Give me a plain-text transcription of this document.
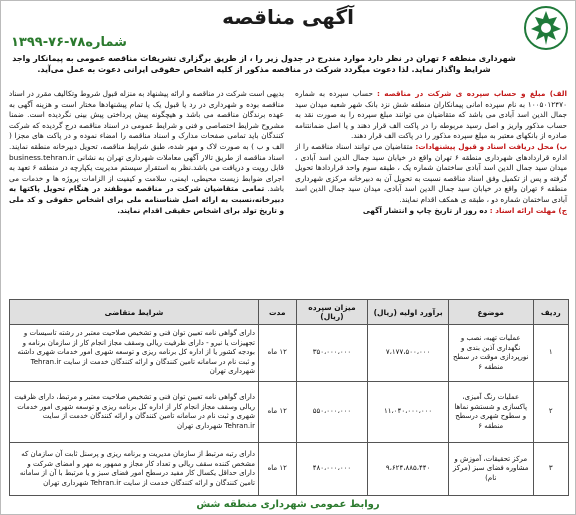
آگهی مناقصه
شماره۷۸-۷۶-۱۳۹۹
شهرداری منطقه ۶ تهران در نظر دارد موارد مندرج در جدول زیر را ، از طریق برگزاری تشریفات مناقصه عمومی به پیمانکار واجد شرایط واگذار نماید. لذا دعوت میگردد شرکت در مناقصه مذکور از کلیه اشخاص حقوقی ایرانی دعوت به عمل می‌آید.
الف) مبلغ و حساب سپرده ی شرکت در مناقصه : حساب سپرده به شماره ۱۰۰۵۰۱۲۴۷۰ به نام سپرده امانی پیمانکاران منطقه شش نزد بانک شهر شعبه میدان سید جمال الدین اسد آبادی می باشد که متقاضیان می توانند مبلغ سپرده را به صورت نقد به حساب مذکور واریز و اصل رسید مربوطه را در پاکت الف قرار دهند و یا اصل ضمانتنامه صادره از بانکهای معتبر به مبلغ سپرده مذکور را در پاکت الف قرار دهند.
ب) محل دریافت اسناد و قبول پیشنهادات: متقاضیان می توانند اسناد مناقصه را از اداره قراردادهای شهرداری منطقه ۶ تهران واقع در خیابان سید جمال الدین اسد آبادی ، میدان سید جمال الدین اسد آبادی ساختمان شماره یک ، طبقه سوم واحد قراردادها تحویل گرفته و پس از تکمیل وفق اسناد مناقصه نسبت به تحویل آن به دبیرخانه مرکزی شهرداری منطقه ۶ تهران واقع در خیابان سید جمال الدین اسد آبادی، میدان سید جمال الدین اسد آبادی ساختمان شماره دو ، طبقه ی همکف اقدام نمایند.
ج) مهلت ارائه اسناد : ده روز از تاریخ چاپ و انتشار آگهی
بدیهی است شرکت در مناقصه و ارائه پیشنهاد به منزله قبول شروط وتکالیف مقرر در اسناد مناقصه بوده و شهرداری در رد یا قبول یک یا تمام پیشنهادها مختار است و هزینه آگهی به عهده برندگان مناقصه می باشد و هیچگونه پیش پرداختی پیش بینی نگردیده است. ضمنا مشروح شرایط اختصاصی و فنی و شرایط عمومی در اسناد مناقصه درج گردیده که شرکت کنندگان باید تمامی صفحات مدارک و اسناد مناقصه را امضاء نموده و در پاکت های مجزا ( الف و ب ) به صورت لاک و مهر شده، طبق شرایط مناقصه، تحویل دبیرخانه منطقه نمایند. اسناد مناقصه از طریق تالار آگهی معاملات شهرداری تهران به نشانی business.tehran.ir قابل رویت و دریافت می باشد.نظر به استقرار سیستم مدیریت یکپارچه در منطقه ۶ تعهد به اجرای ضوابط زیست محیطی، ایمنی، سلامت و کیفیت از الزامات پروژه ها و خدمات می باشد. تمامی متقاضیان شرکت در مناقصه موظفند در هنگام تحویل پاکتها به دبیرخانه،نسبت به ارائه اصل شناسنامه ملی برای اشخاص حقوقی و کد ملی و تاریخ تولد برای اشخاص حقیقی اقدام نمایند.
ردیف	موضوع	برآورد اولیه (ریال)	میزان سپرده (ریال)	مدت	شرایط متقاضی
۱	عملیات تهیه، نصب و نگهداری آذین بندی و نورپردازی موقت در سطح منطقه ۶	۷،۱۷۷،۵۰۰،۰۰۰	۳۵۰،۰۰۰،۰۰۰	۱۲ ماه	دارای گواهی نامه تعیین توان فنی و تشخیص صلاحیت معتبر در رشته تاسیسات و تجهیزات یا نیرو - دارای ظرفیت ریالی وسقف مجاز انجام کار از سازمان برنامه و بودجه کشور یا از اداره کل برنامه ریزی و توسعه شهری امور خدمات شهری داشته و ثبت نام در سامانه تامین کنندگان و ارائه کنندگان خدمت از سایت Tehran.ir شهرداری تهران
۲	عملیات رنگ آمیزی، پاکسازی و شستشو نماها و سطوح شهری درسطح منطقه ۶	۱۱،۰۴۰،۰۰۰،۰۰۰	۵۵۰،۰۰۰،۰۰۰	۱۲ ماه	دارای گواهی نامه تعیین توان فنی و تشخیص صلاحیت معتبر و مرتبط، دارای ظرفیت ریالی وسقف مجاز انجام کار از اداره کل برنامه ریزی و توسعه شهری امور خدمات شهری و ثبت نام در سامانه تامین کنندگان و ارائه کنندگان خدمت از سایت Tehran.ir شهرداری تهران
۳	مرکز تحقیقات، آموزش و مشاوره فضای سبز (مرکز نام)	۹،۶۲۴،۸۸۵،۴۴۰	۴۸۰،۰۰۰،۰۰۰	۱۲ ماه	دارای رتبه مرتبط از سازمان مدیریت و برنامه ریزی و پرسنل ثابت آن سازمان که مشخص کننده سقف ریالی و تعداد کار مجاز و ممهور به مهر و امضای شرکت و دارای حداقل یکسال کار مفید درسطح امور فضای سبز و یا مرتبط با آن از سامانه تامین کنندگان و ارائه کنندگان خدمت از سایت Tehran.ir شهرداری تهران
روابط عمومی شهرداری منطقه شش
